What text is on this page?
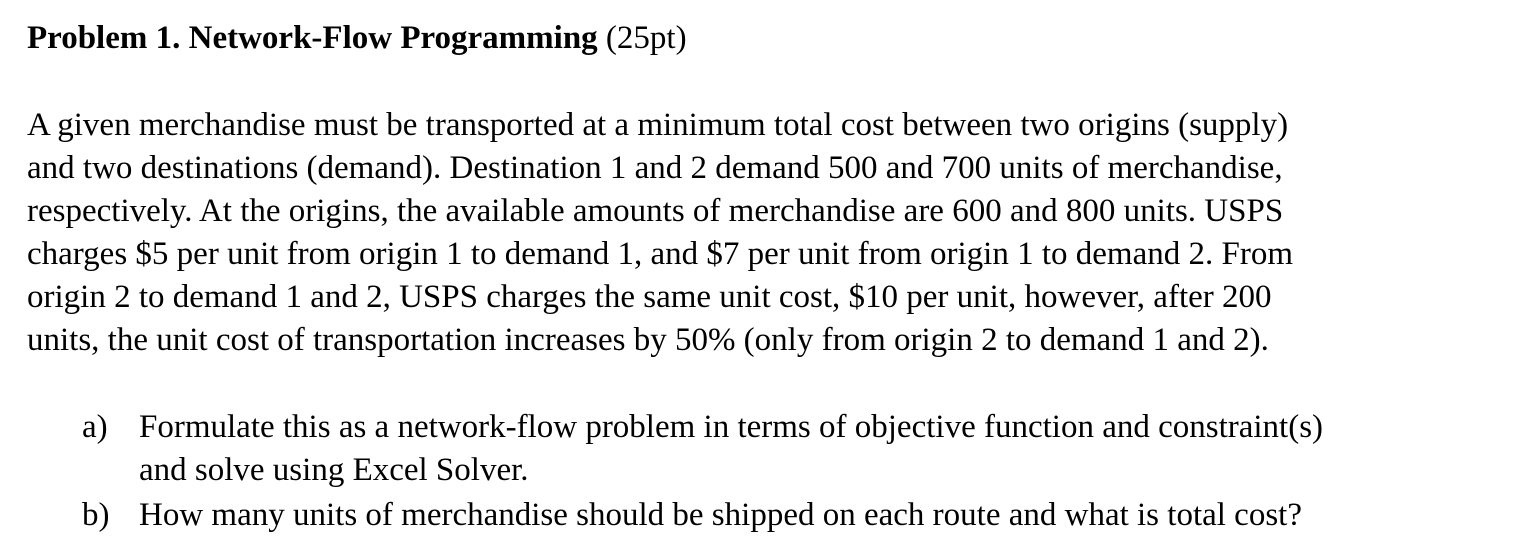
Problem 1. Network-Flow Programming (25pt)
A given merchandise must be transported at a minimum total cost between two origins (supply)
and two destinations (demand). Destination 1 and 2 demand 500 and 700 units of merchandise,
respectively. At the origins, the available amounts of merchandise are 600 and 800 units. USPS
charges $5 per unit from origin 1 to demand 1, and $7 per unit from origin 1 to demand 2. From
origin 2 to demand 1 and 2, USPS charges the same unit cost, $10 per unit, however, after 200
units, the unit cost of transportation increases by 50% (only from origin 2 to demand 1 and 2).
a) Formulate this as a network-flow problem in terms of objective function and constraint(s)
and solve using Excel Solver.
b) How many units of merchandise should be shipped on each route and what is total cost?
